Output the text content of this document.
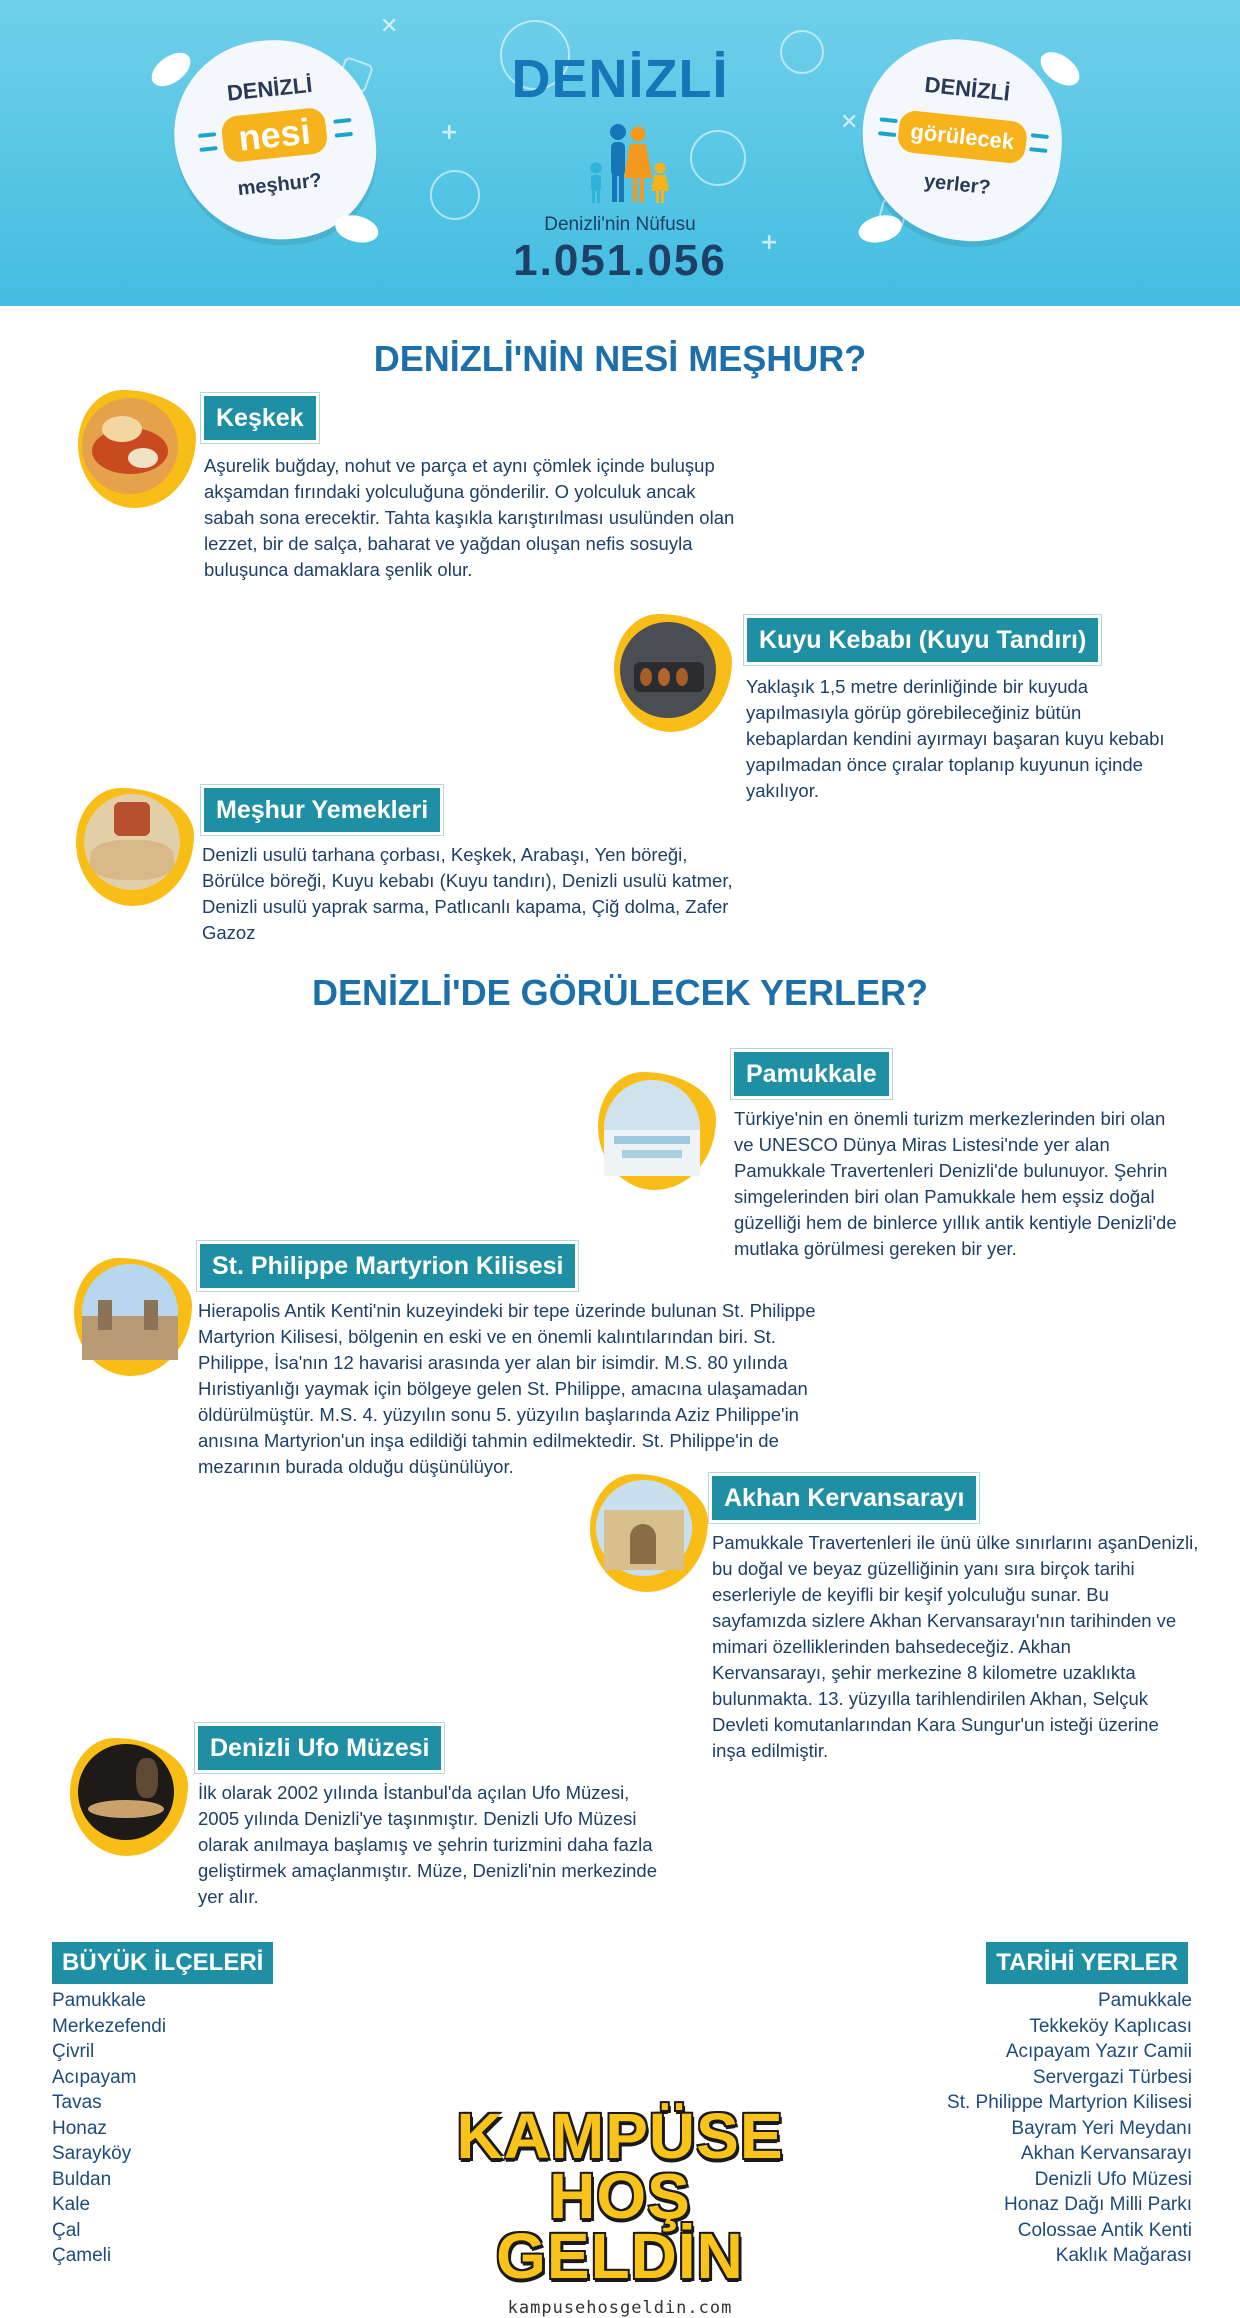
✕
✕
+
+
DENİZLİ
nesi
meşhur?
DENİZLİ
görülecek
yerler?
DENİZLİ
Denizli'nin Nüfusu
1.051.056
DENİZLİ'NİN NESİ MEŞHUR?
Keşkek
Aşurelik buğday, nohut ve parça et aynı çömlek içinde buluşup
akşamdan fırındaki yolculuğuna gönderilir. O yolculuk ancak
sabah sona erecektir. Tahta kaşıkla karıştırılması usulünden olan
lezzet, bir de salça, baharat ve yağdan oluşan nefis sosuyla
buluşunca damaklara şenlik olur.
Kuyu Kebabı (Kuyu Tandırı)
Yaklaşık 1,5 metre derinliğinde bir kuyuda
yapılmasıyla görüp görebileceğiniz bütün
kebaplardan kendini ayırmayı başaran kuyu kebabı
yapılmadan önce çıralar toplanıp kuyunun içinde
yakılıyor.
Meşhur Yemekleri
Denizli usulü tarhana çorbası, Keşkek, Arabaşı, Yen böreği,
Börülce böreği, Kuyu kebabı (Kuyu tandırı), Denizli usulü katmer,
Denizli usulü yaprak sarma, Patlıcanlı kapama, Çiğ dolma, Zafer
Gazoz
DENİZLİ'DE GÖRÜLECEK YERLER?
Pamukkale
Türkiye'nin en önemli turizm merkezlerinden biri olan
ve UNESCO Dünya Miras Listesi'nde yer alan
Pamukkale Travertenleri Denizli'de bulunuyor. Şehrin
simgelerinden biri olan Pamukkale hem eşsiz doğal
güzelliği hem de binlerce yıllık antik kentiyle Denizli'de
mutlaka görülmesi gereken bir yer.
St. Philippe Martyrion Kilisesi
Hierapolis Antik Kenti'nin kuzeyindeki bir tepe üzerinde bulunan St. Philippe
Martyrion Kilisesi, bölgenin en eski ve en önemli kalıntılarından biri. St.
Philippe, İsa'nın 12 havarisi arasında yer alan bir isimdir. M.S. 80 yılında
Hıristiyanlığı yaymak için bölgeye gelen St. Philippe, amacına ulaşamadan
öldürülmüştür. M.S. 4. yüzyılın sonu 5. yüzyılın başlarında Aziz Philippe'in
anısına Martyrion'un inşa edildiği tahmin edilmektedir. St. Philippe'in de
mezarının burada olduğu düşünülüyor.
Akhan Kervansarayı
Pamukkale Travertenleri ile ünü ülke sınırlarını aşanDenizli,
bu doğal ve beyaz güzelliğinin yanı sıra birçok tarihi
eserleriyle de keyifli bir keşif yolculuğu sunar. Bu
sayfamızda sizlere Akhan Kervansarayı'nın tarihinden ve
mimari özelliklerinden bahsedeceğiz. Akhan
Kervansarayı, şehir merkezine 8 kilometre uzaklıkta
bulunmakta. 13. yüzyılla tarihlendirilen Akhan, Selçuk
Devleti komutanlarından Kara Sungur'un isteği üzerine
inşa edilmiştir.
Denizli Ufo Müzesi
İlk olarak 2002 yılında İstanbul'da açılan Ufo Müzesi,
2005 yılında Denizli'ye taşınmıştır. Denizli Ufo Müzesi
olarak anılmaya başlamış ve şehrin turizmini daha fazla
geliştirmek amaçlanmıştır. Müze, Denizli'nin merkezinde
yer alır.
BÜYÜK İLÇELERİ
Pamukkale
Merkezefendi
Çivril
Acıpayam
Tavas
Honaz
Sarayköy
Buldan
Kale
Çal
Çameli
TARİHİ YERLER
Pamukkale
Tekkeköy Kaplıcası
Acıpayam Yazır Camii
Servergazi Türbesi
St. Philippe Martyrion Kilisesi
Bayram Yeri Meydanı
Akhan Kervansarayı
Denizli Ufo Müzesi
Honaz Dağı Milli Parkı
Colossae Antik Kenti
Kaklık Mağarası
KAMPÜSE
HOŞ GELDİN
kampusehosgeldin.com
